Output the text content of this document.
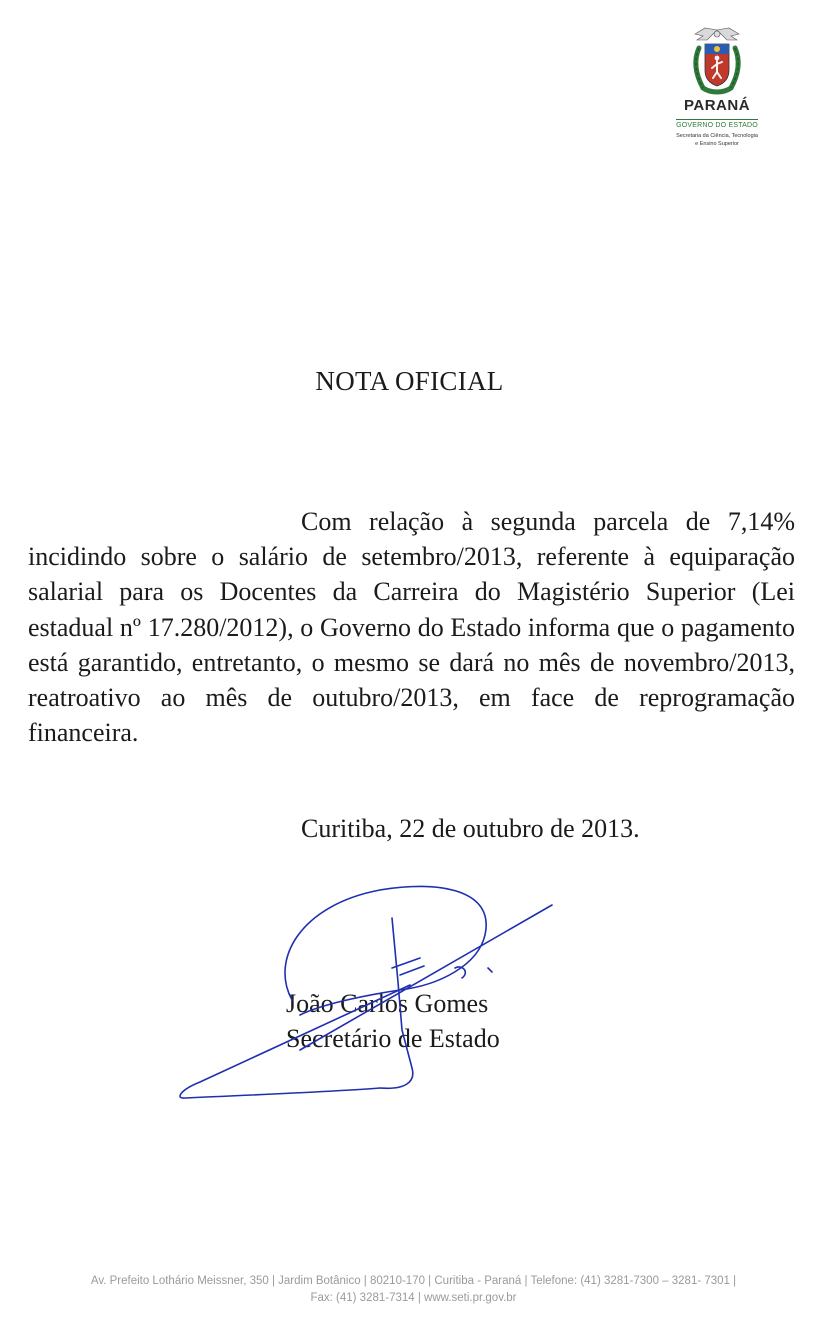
PARANÁ
GOVERNO DO ESTADO
Secretaria da Ciência, Tecnologia
e Ensino Superior
NOTA OFICIAL

Com relação à segunda parcela de 7,14% incidindo sobre o salário de setembro/2013, referente à equiparação salarial para os Docentes da Carreira do Magistério Superior (Lei estadual nº 17.280/2012), o Governo do Estado informa que o pagamento está garantido, entretanto, o mesmo se dará no mês de novembro/2013, reatroativo ao mês de outubro/2013, em face de reprogramação financeira.

Curitiba, 22 de outubro de 2013.

João Carlos Gomes

Secretário de Estado

Av. Prefeito Lothário Meissner, 350 | Jardim Botânico | 80210-170 | Curitiba - Paraná | Telefone: (41) 3281-7300 – 3281- 7301 |
Fax: (41) 3281-7314 | www.seti.pr.gov.br
